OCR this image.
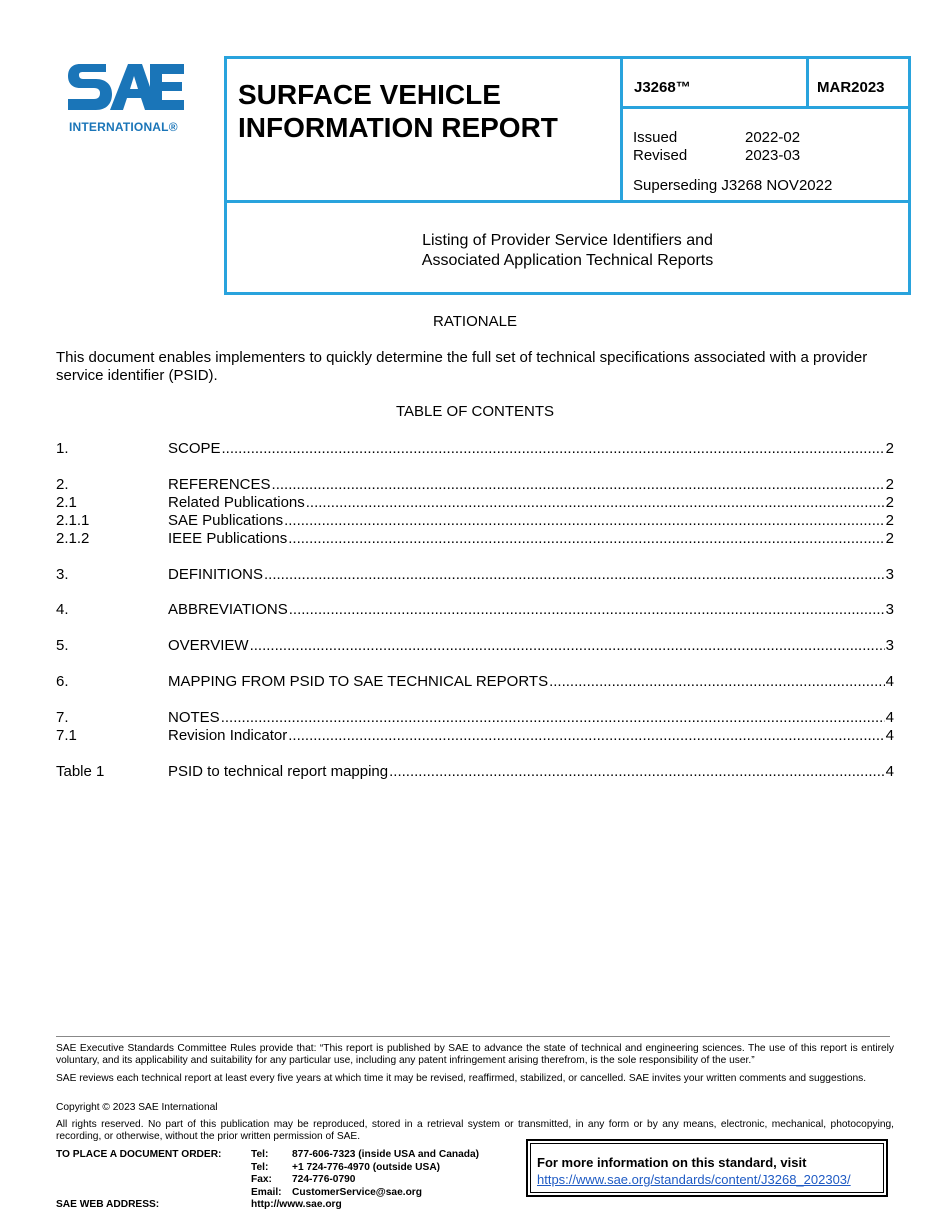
INTERNATIONAL®
SURFACE VEHICLE
INFORMATION REPORT
J3268™	MAR2023
Issued	2022-02
Revised	2023-03
Superseding J3268 NOV2022
Listing of Provider Service Identifiers and
Associated Application Technical Reports
RATIONALE
This document enables implementers to quickly determine the full set of technical specifications associated with a provider service identifier (PSID).
TABLE OF CONTENTS
1.	SCOPE .....	2
2.	REFERENCES .....	2
2.1	Related Publications .....	2
2.1.1	SAE Publications .....	2
2.1.2	IEEE Publications .....	2
3.	DEFINITIONS .....	3
4.	ABBREVIATIONS .....	3
5.	OVERVIEW .....	3
6.	MAPPING FROM PSID TO SAE TECHNICAL REPORTS .....	4
7.	NOTES .....	4
7.1	Revision Indicator .....	4
Table 1	PSID to technical report mapping .....	4
SAE Executive Standards Committee Rules provide that: “This report is published by SAE to advance the state of technical and engineering sciences. The use of this report is entirely voluntary, and its applicability and suitability for any particular use, including any patent infringement arising therefrom, is the sole responsibility of the user.”
SAE reviews each technical report at least every five years at which time it may be revised, reaffirmed, stabilized, or cancelled. SAE invites your written comments and suggestions.
Copyright © 2023 SAE International
All rights reserved. No part of this publication may be reproduced, stored in a retrieval system or transmitted, in any form or by any means, electronic, mechanical, photocopying, recording, or otherwise, without the prior written permission of SAE.
TO PLACE A DOCUMENT ORDER:	Tel: 877-606-7323 (inside USA and Canada)
Tel: +1 724-776-4970 (outside USA)
Fax: 724-776-0790
Email: CustomerService@sae.org
SAE WEB ADDRESS:	http://www.sae.org
For more information on this standard, visit
https://www.sae.org/standards/content/J3268_202303/
